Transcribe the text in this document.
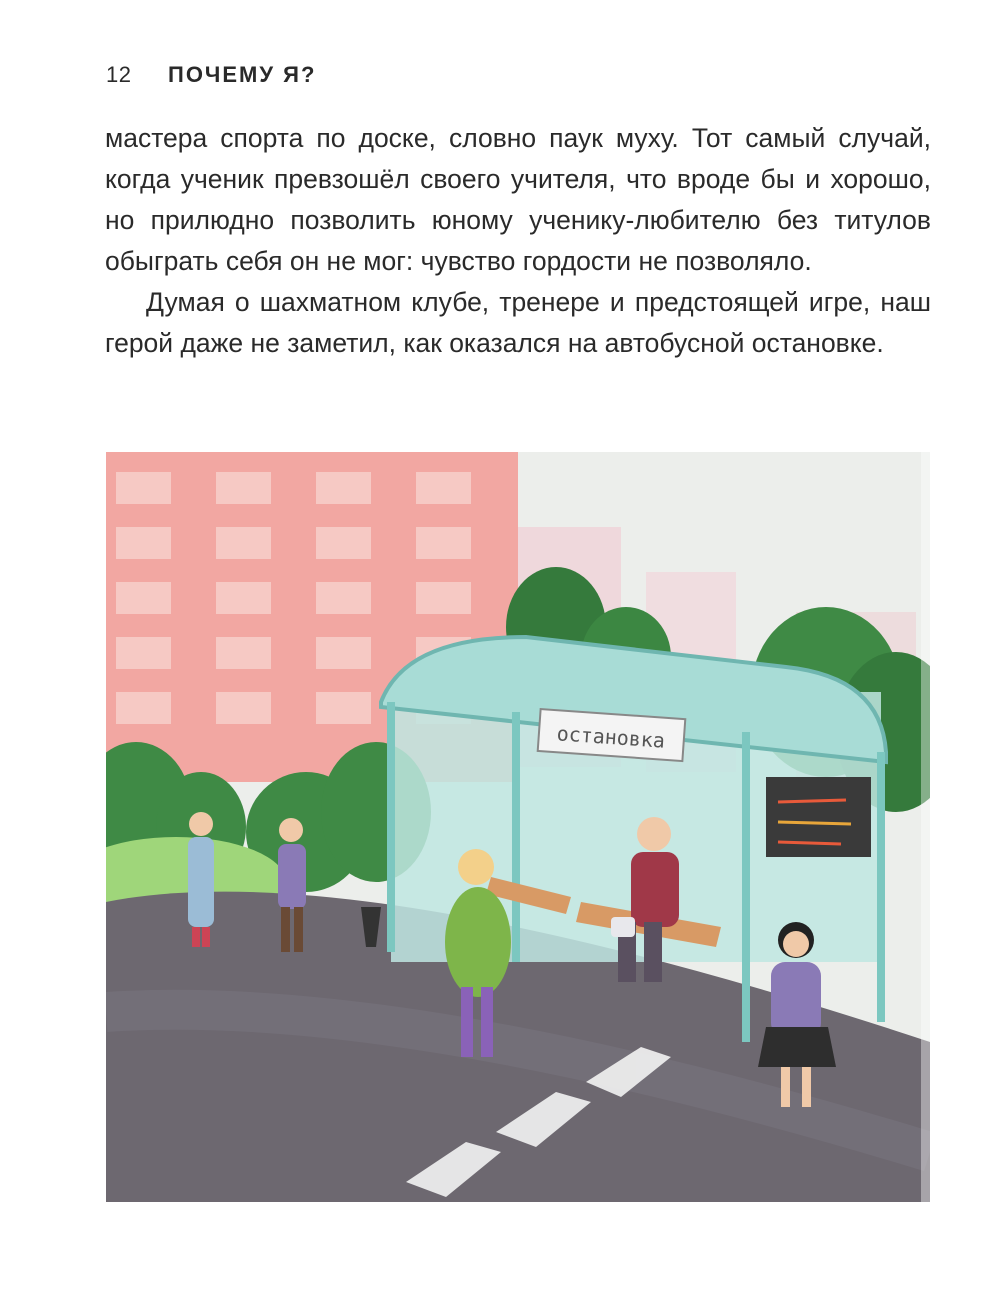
12 ПОЧЕМУ Я?

мастера спорта по доске, словно паук муху. Тот самый случай, когда ученик превзошёл своего учителя, что вроде бы и хорошо, но прилюдно позволить юному ученику-любителю без титулов обыграть себя он не мог: чувство гордости не позволяло.

Думая о шахматном клубе, тренере и предстоящей игре, наш герой даже не заметил, как оказался на автобусной остановке.

остановка
